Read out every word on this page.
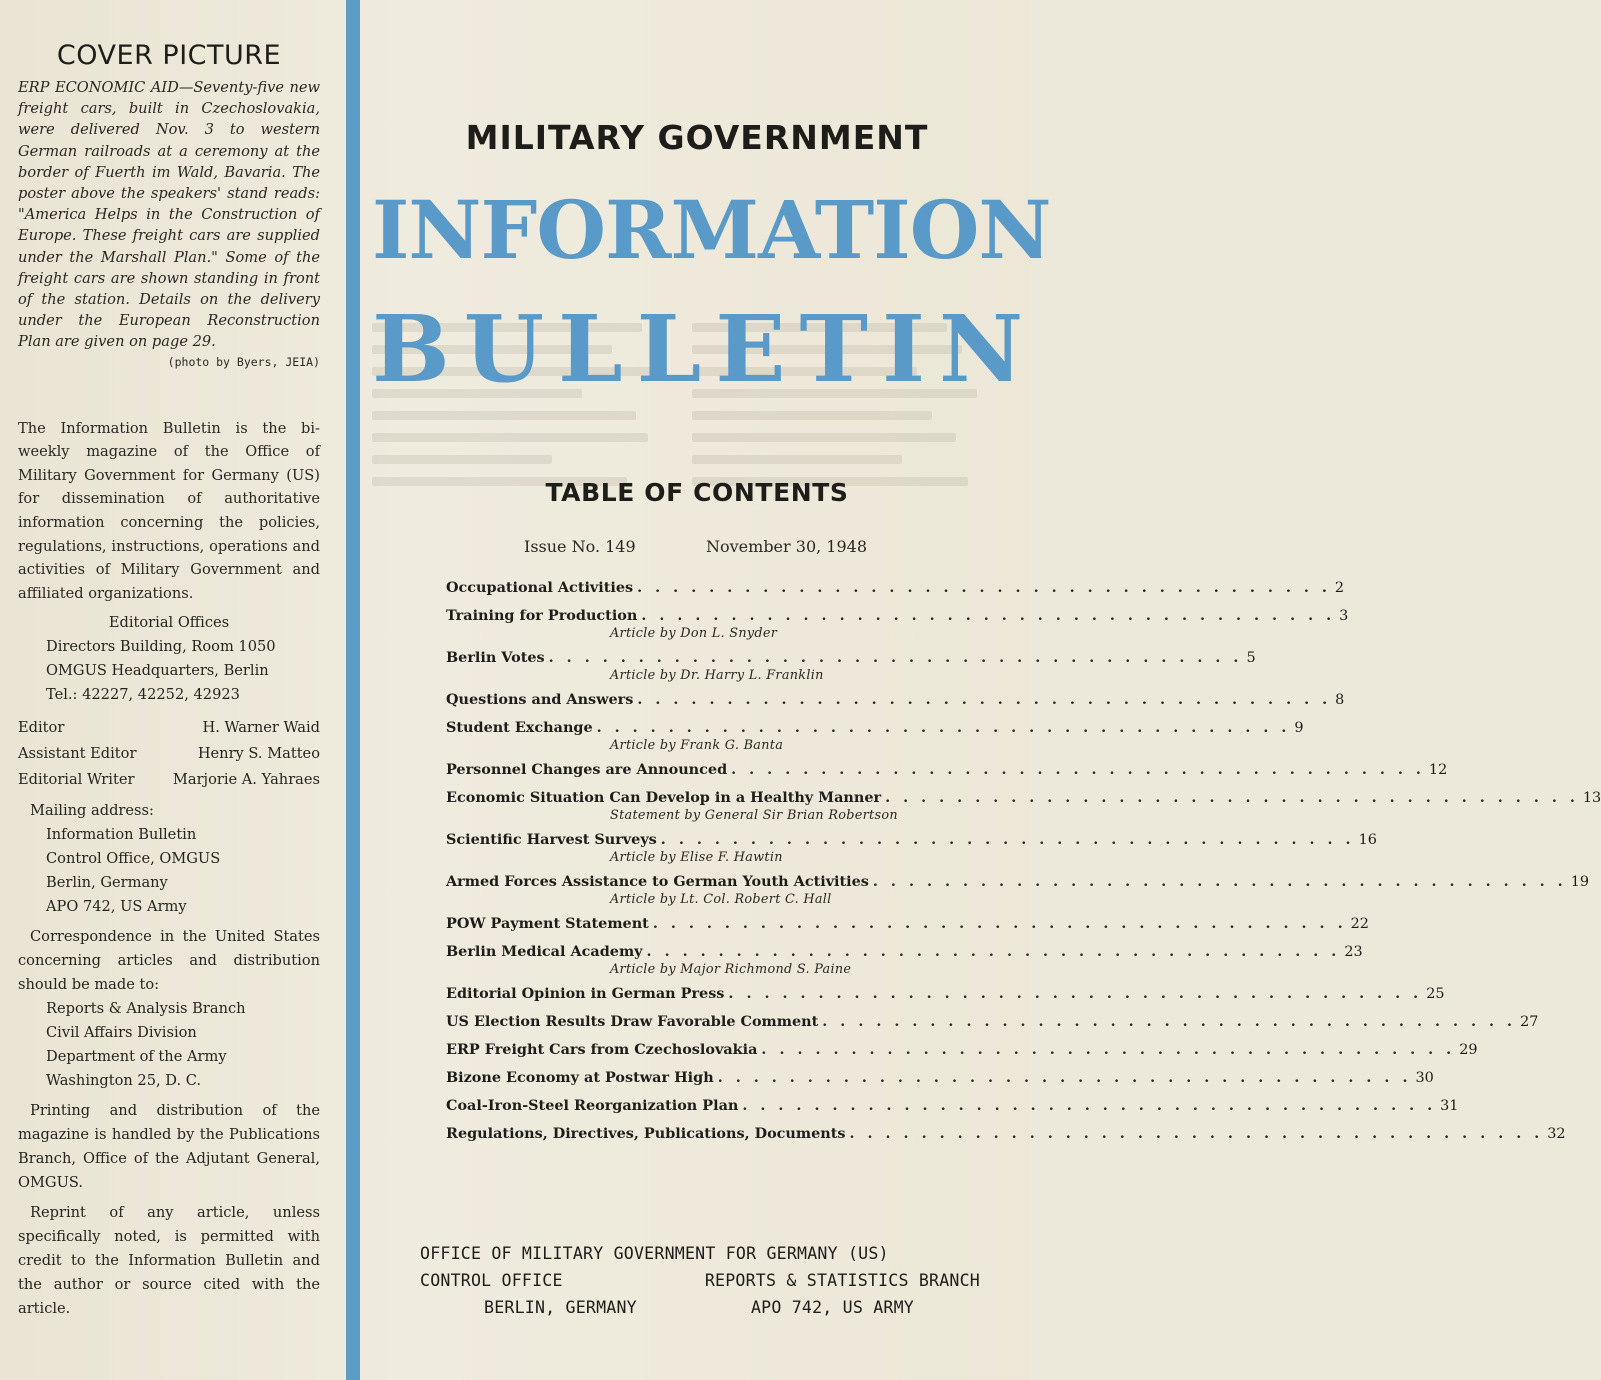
COVER PICTURE

ERP ECONOMIC AID—Seventy-five new freight cars, built in Czechoslovakia, were delivered Nov. 3 to western German railroads at a ceremony at the border of Fuerth im Wald, Bavaria. The poster above the speakers' stand reads: "America Helps in the Construction of Europe. These freight cars are supplied under the Marshall Plan." Some of the freight cars are shown standing in front of the station. Details on the delivery under the European Reconstruction Plan are given on page 29.

(photo by Byers, JEIA)
The Information Bulletin is the bi-weekly magazine of the Office of Military Government for Germany (US) for dissemination of authoritative information concerning the policies, regulations, instructions, operations and activities of Military Government and affiliated organizations.
Editorial Offices
Directors Building, Room 1050
OMGUS Headquarters, Berlin
Tel.: 42227, 42252, 42923
Editor	H. Warner Waid
Assistant Editor	Henry S. Matteo
Editorial Writer	Marjorie A. Yahraes
Mailing address:
Information Bulletin
Control Office, OMGUS
Berlin, Germany
APO 742, US Army
Correspondence in the United States concerning articles and distribution should be made to:
Reports & Analysis Branch
Civil Affairs Division
Department of the Army
Washington 25, D. C.
Printing and distribution of the magazine is handled by the Publications Branch, Office of the Adjutant General, OMGUS.
Reprint of any article, unless specifically noted, is permitted with credit to the Information Bulletin and the author or source cited with the article.
MILITARY GOVERNMENT
INFORMATION
BULLETIN
TABLE OF CONTENTS
Issue No. 149	November 30, 1948
Occupational Activities . . . . . . . . . . . . . . . . . . . . . . . . . . . . . . . . . . . . . . . 2
Training for Production . . . . . . . . . . . . . . . . . . . . . . . . . . . . . . . . . . . . . . . 3
Article by Don L. Snyder
Berlin Votes . . . . . . . . . . . . . . . . . . . . . . . . . . . . . . . . . . . . . . . 5
Article by Dr. Harry L. Franklin
Questions and Answers . . . . . . . . . . . . . . . . . . . . . . . . . . . . . . . . . . . . . . . 8
Student Exchange . . . . . . . . . . . . . . . . . . . . . . . . . . . . . . . . . . . . . . . 9
Article by Frank G. Banta
Personnel Changes are Announced . . . . . . . . . . . . . . . . . . . . . . . . . . . . . . . . . . . . . . . 12
Economic Situation Can Develop in a Healthy Manner . . . . . . . . . . . . . . . . . . . . . . . . . . . . . . . . . . . . . . . 13
Statement by General Sir Brian Robertson
Scientific Harvest Surveys . . . . . . . . . . . . . . . . . . . . . . . . . . . . . . . . . . . . . . . 16
Article by Elise F. Hawtin
Armed Forces Assistance to German Youth Activities . . . . . . . . . . . . . . . . . . . . . . . . . . . . . . . . . . . . . . . 19
Article by Lt. Col. Robert C. Hall
POW Payment Statement . . . . . . . . . . . . . . . . . . . . . . . . . . . . . . . . . . . . . . . 22
Berlin Medical Academy . . . . . . . . . . . . . . . . . . . . . . . . . . . . . . . . . . . . . . . 23
Article by Major Richmond S. Paine
Editorial Opinion in German Press . . . . . . . . . . . . . . . . . . . . . . . . . . . . . . . . . . . . . . . 25
US Election Results Draw Favorable Comment . . . . . . . . . . . . . . . . . . . . . . . . . . . . . . . . . . . . . . . 27
ERP Freight Cars from Czechoslovakia . . . . . . . . . . . . . . . . . . . . . . . . . . . . . . . . . . . . . . . 29
Bizone Economy at Postwar High . . . . . . . . . . . . . . . . . . . . . . . . . . . . . . . . . . . . . . . 30
Coal-Iron-Steel Reorganization Plan . . . . . . . . . . . . . . . . . . . . . . . . . . . . . . . . . . . . . . . 31
Regulations, Directives, Publications, Documents . . . . . . . . . . . . . . . . . . . . . . . . . . . . . . . . . . . . . . . 32
OFFICE OF MILITARY GOVERNMENT FOR GERMANY (US)
CONTROL OFFICE	REPORTS & STATISTICS BRANCH
BERLIN, GERMANY	APO 742, US ARMY
